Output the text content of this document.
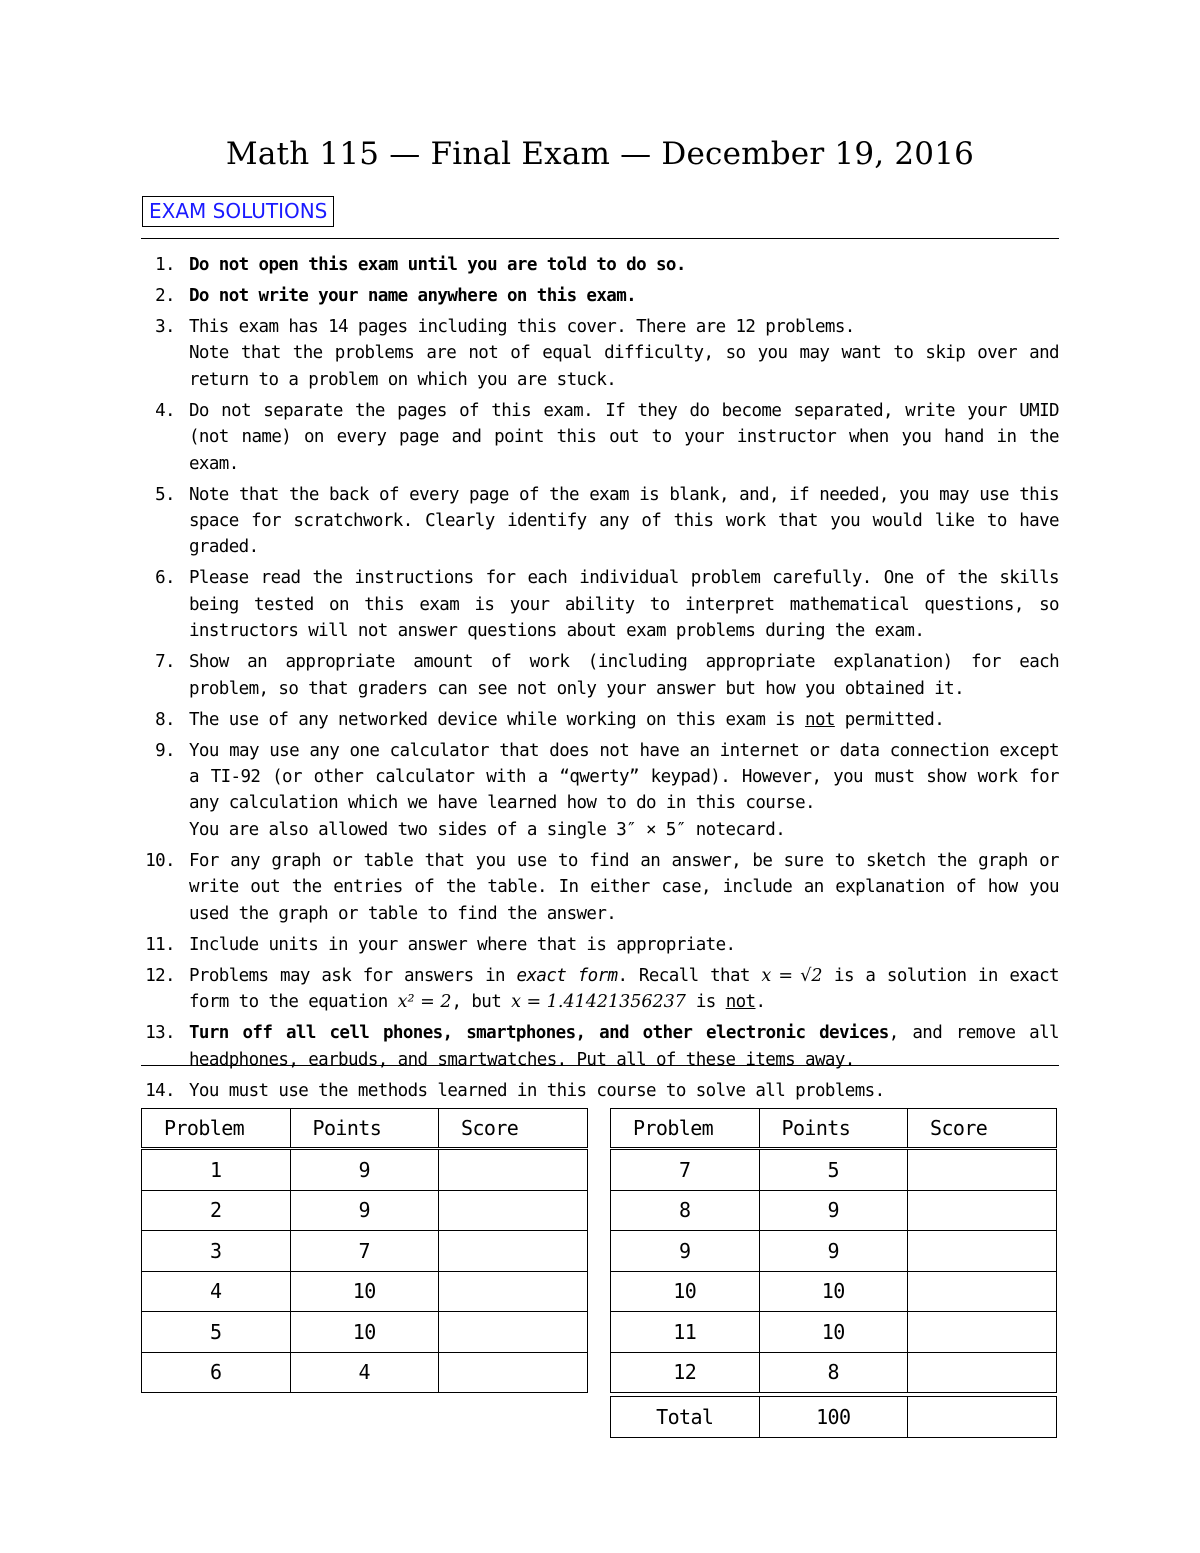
Math 115 — Final Exam — December 19, 2016
EXAM SOLUTIONS
1. Do not open this exam until you are told to do so.
2. Do not write your name anywhere on this exam.
3. This exam has 14 pages including this cover. There are 12 problems.
Note that the problems are not of equal difficulty, so you may want to skip over and return to a problem on which you are stuck.
4. Do not separate the pages of this exam. If they do become separated, write your UMID (not name) on every page and point this out to your instructor when you hand in the exam.
5. Note that the back of every page of the exam is blank, and, if needed, you may use this space for scratchwork. Clearly identify any of this work that you would like to have graded.
6. Please read the instructions for each individual problem carefully. One of the skills being tested on this exam is your ability to interpret mathematical questions, so instructors will not answer questions about exam problems during the exam.
7. Show an appropriate amount of work (including appropriate explanation) for each problem, so that graders can see not only your answer but how you obtained it.
8. The use of any networked device while working on this exam is not permitted.
9. You may use any one calculator that does not have an internet or data connection except a TI-92 (or other calculator with a “qwerty” keypad). However, you must show work for any calculation which we have learned how to do in this course.
You are also allowed two sides of a single 3″ × 5″ notecard.
10. For any graph or table that you use to find an answer, be sure to sketch the graph or write out the entries of the table. In either case, include an explanation of how you used the graph or table to find the answer.
11. Include units in your answer where that is appropriate.
12. Problems may ask for answers in exact form. Recall that x = √2 is a solution in exact form to the equation x² = 2, but x = 1.41421356237 is not.
13. Turn off all cell phones, smartphones, and other electronic devices, and remove all headphones, earbuds, and smartwatches. Put all of these items away.
14. You must use the methods learned in this course to solve all problems.
Problem	Points	Score
1	9	
2	9	
3	7	
4	10	
5	10	
6	4	
Problem	Points	Score
7	5	
8	9	
9	9	
10	10	
11	10	
12	8	

Total	100	
